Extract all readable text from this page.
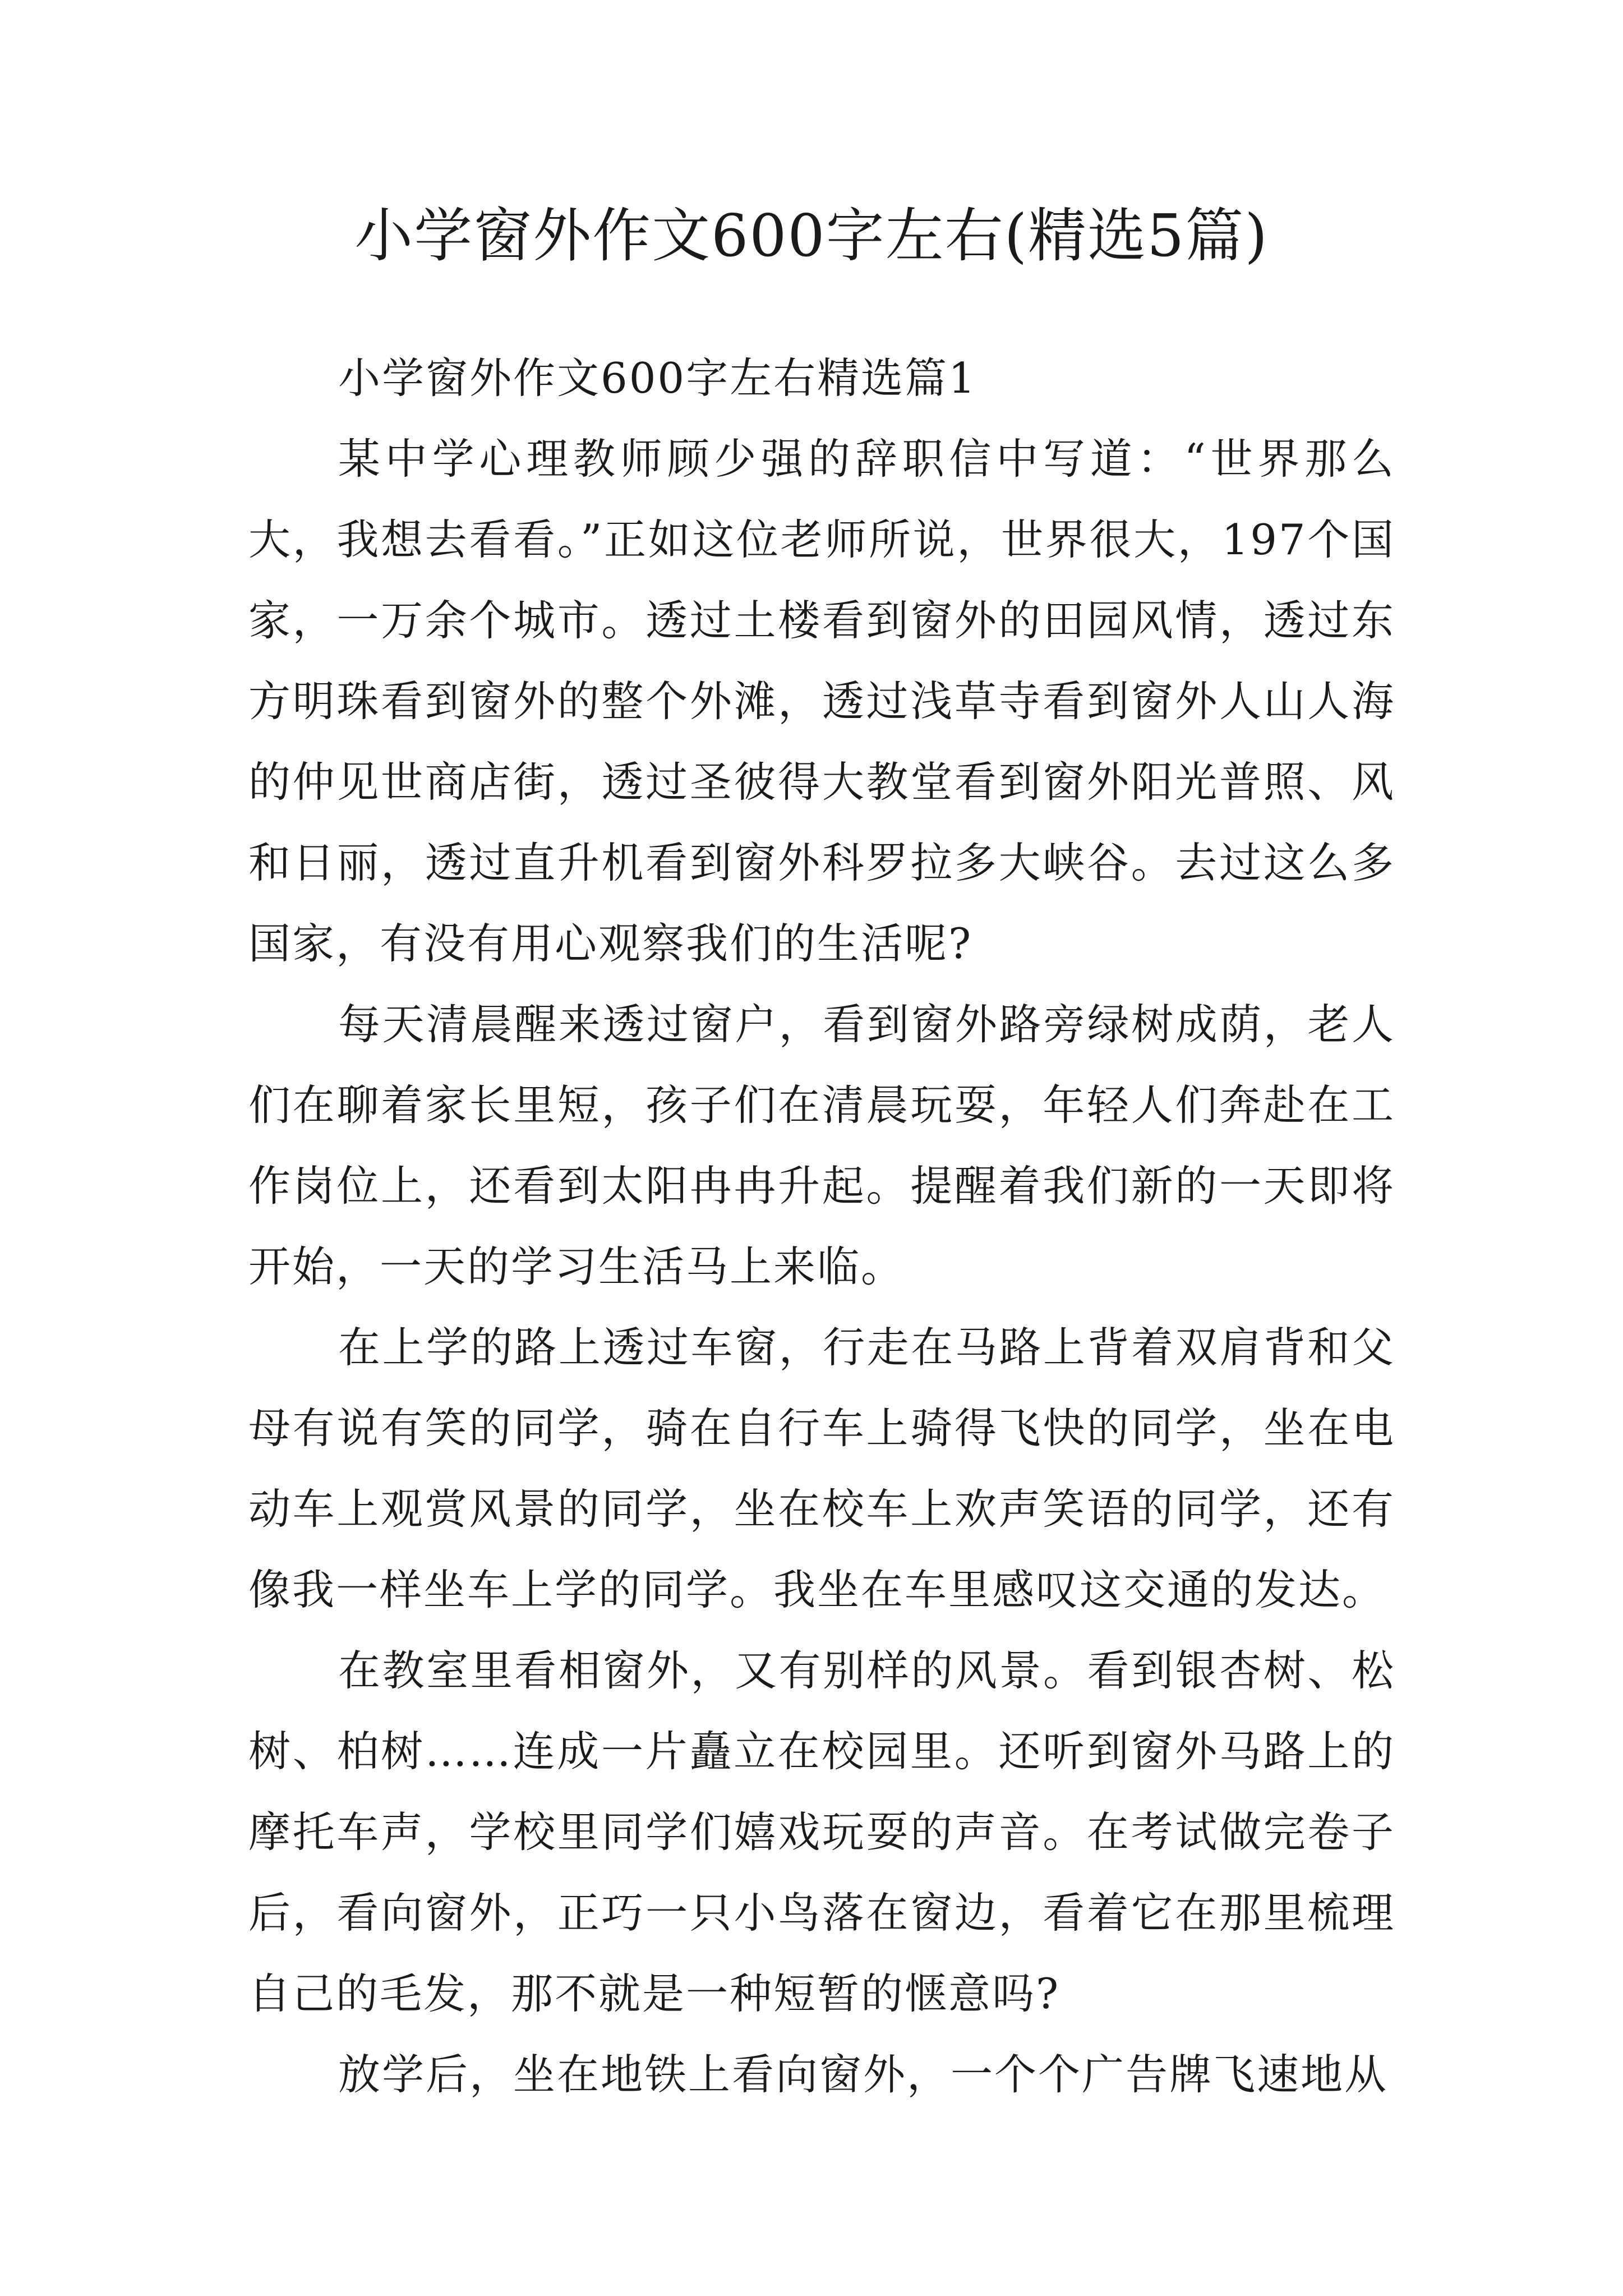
小学窗外作文600字左右(精选5篇)

小学窗外作文600字左右精选篇1

某中学心理教师顾少强的辞职信中写道：“世界那么大，我想去看看。”正如这位老师所说，世界很大，197个国家，一万余个城市。透过土楼看到窗外的田园风情，透过东方明珠看到窗外的整个外滩，透过浅草寺看到窗外人山人海的仲见世商店街，透过圣彼得大教堂看到窗外阳光普照、风和日丽，透过直升机看到窗外科罗拉多大峡谷。去过这么多国家，有没有用心观察我们的生活呢?

每天清晨醒来透过窗户，看到窗外路旁绿树成荫，老人们在聊着家长里短，孩子们在清晨玩耍，年轻人们奔赴在工作岗位上，还看到太阳冉冉升起。提醒着我们新的一天即将开始，一天的学习生活马上来临。

在上学的路上透过车窗，行走在马路上背着双肩背和父母有说有笑的同学，骑在自行车上骑得飞快的同学，坐在电动车上观赏风景的同学，坐在校车上欢声笑语的同学，还有像我一样坐车上学的同学。我坐在车里感叹这交通的发达。

在教室里看相窗外，又有别样的风景。看到银杏树、松树、柏树……连成一片矗立在校园里。还听到窗外马路上的摩托车声，学校里同学们嬉戏玩耍的声音。在考试做完卷子后，看向窗外，正巧一只小鸟落在窗边，看着它在那里梳理自己的毛发，那不就是一种短暂的惬意吗?

放学后，坐在地铁上看向窗外，一个个广告牌飞速地从
